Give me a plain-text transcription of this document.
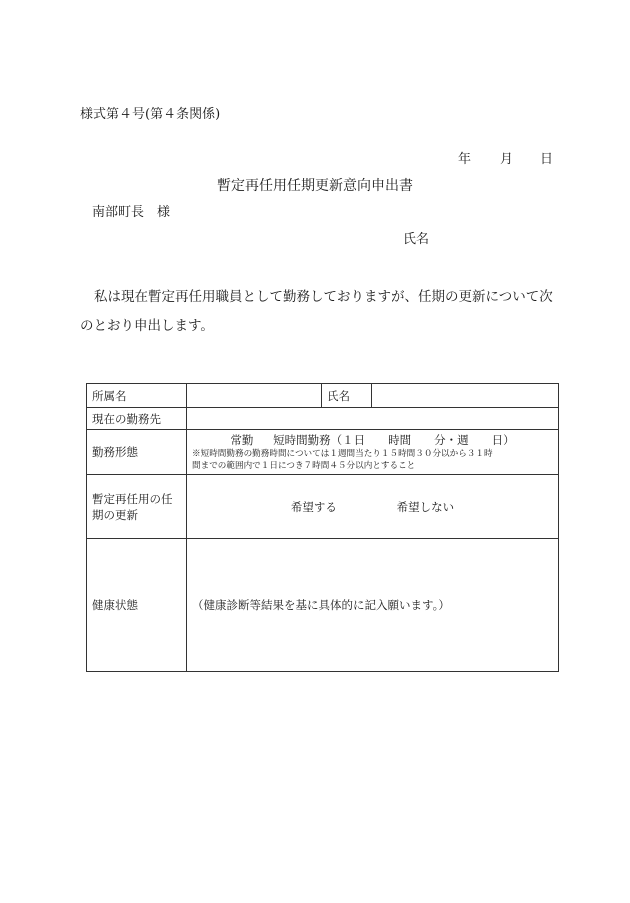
様式第４号(第４条関係)
年 月 日
暫定再任用任期更新意向申出書
南部町長　様
氏名
私は現在暫定再任用職員として勤務しておりますが、任期の更新について次のとおり申出します。
所属名		氏名	
現在の勤務先			
勤務形態	常勤 短時間勤務（１日　　時間　　分・週　　日）
※短時間勤務の勤務時間については１週間当たり１５時間３０分以から３１時
間までの範囲内で１日につき７時間４５分以内とすること		

暫定再任用の任期の更新	希望する 希望しない		
健康状態	（健康診断等結果を基に具体的に記入願います。）		
